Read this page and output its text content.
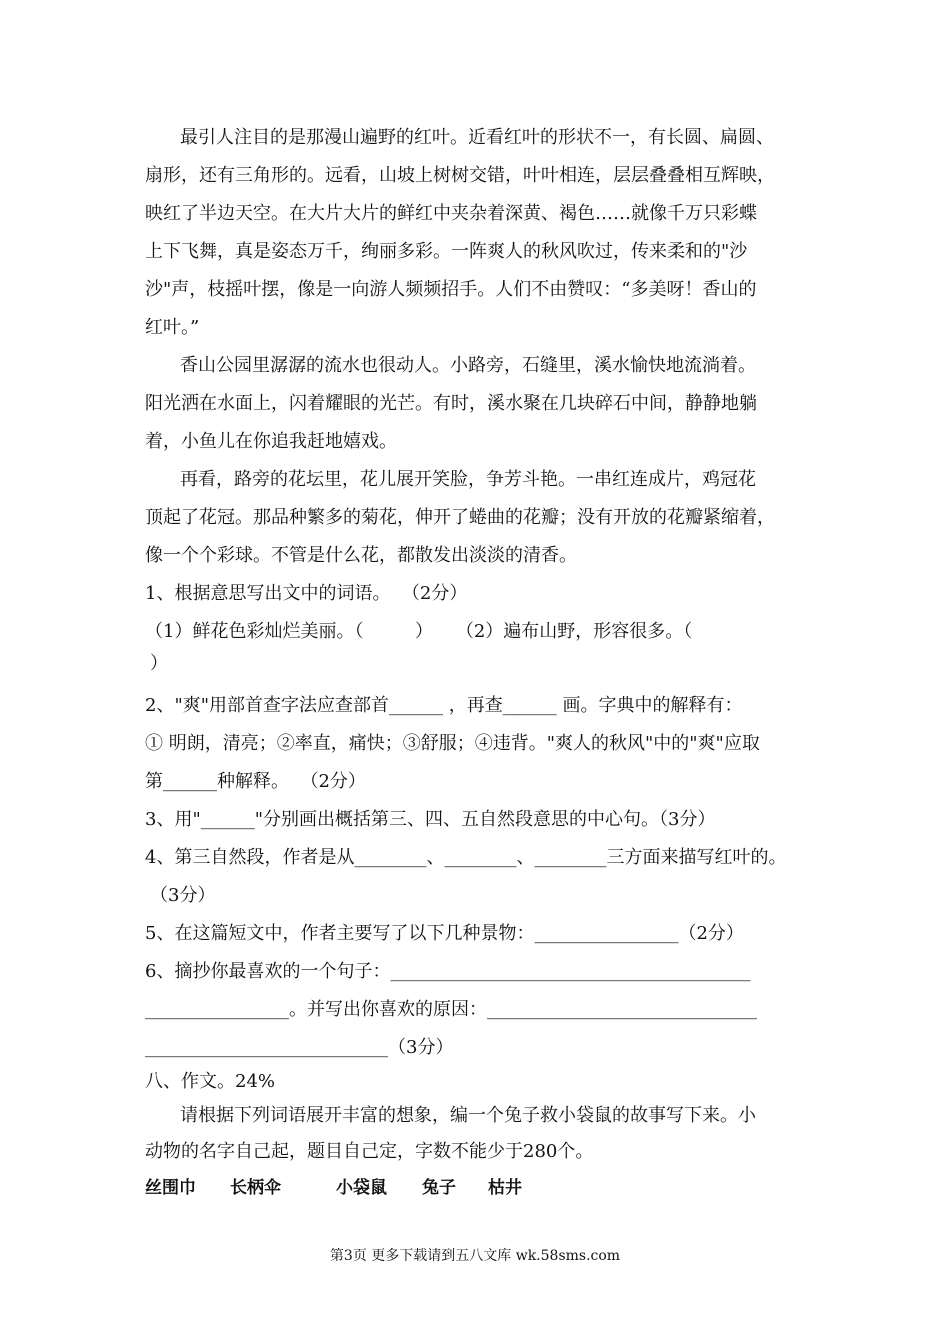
最引人注目的是那漫山遍野的红叶。近看红叶的形状不一，有长圆、扁圆、
扇形，还有三角形的。远看，山坡上树树交错，叶叶相连，层层叠叠相互辉映，
映红了半边天空。在大片大片的鲜红中夹杂着深黄、褐色……就像千万只彩蝶
上下飞舞，真是姿态万千，绚丽多彩。一阵爽人的秋风吹过，传来柔和的"沙
沙"声，枝摇叶摆，像是一向游人频频招手。人们不由赞叹：“多美呀！香山的
红叶。”
香山公园里潺潺的流水也很动人。小路旁，石缝里，溪水愉快地流淌着。
阳光洒在水面上，闪着耀眼的光芒。有时，溪水聚在几块碎石中间，静静地躺
着，小鱼儿在你追我赶地嬉戏。
再看，路旁的花坛里，花儿展开笑脸，争芳斗艳。一串红连成片，鸡冠花
顶起了花冠。那品种繁多的菊花，伸开了蜷曲的花瓣；没有开放的花瓣紧缩着，
像一个个彩球。不管是什么花，都散发出淡淡的清香。
1、根据意思写出文中的词语。  （2分）
（1）鲜花色彩灿烂美丽。（         ）    （2）遍布山野，形容很多。（
）
2、"爽"用部首查字法应查部首______ ，再查______ 画。字典中的解释有：
① 明朗，清亮；②率直，痛快；③舒服；④违背。"爽人的秋风"中的"爽"应取
第______种解释。  （2分）
3、用"______"分别画出概括第三、四、五自然段意思的中心句。（3分）
4、第三自然段，作者是从________、________、________三方面来描写红叶的。
（3分）
5、在这篇短文中，作者主要写了以下几种景物：________________（2分）
6、摘抄你最喜欢的一个句子：________________________________________
________________。并写出你喜欢的原因：______________________________
___________________________（3分）
八、作文。24%
请根据下列词语展开丰富的想象，编一个兔子救小袋鼠的故事写下来。小
动物的名字自己起，题目自己定，字数不能少于280个。
丝围巾 长柄伞	小袋鼠 兔子 枯井
第3页 更多下载请到五八文库 wk.58sms.com
